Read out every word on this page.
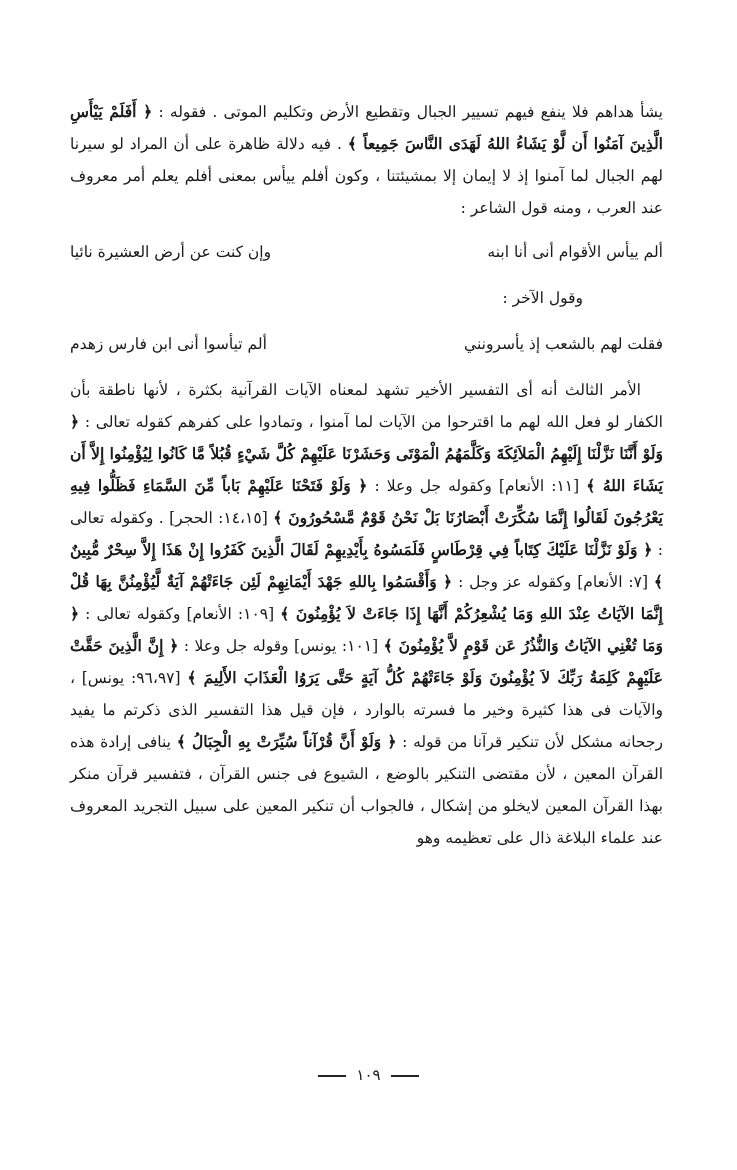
يشأ هداهم فلا ينفع فيهم تسيير الجبال وتقطيع الأرض وتكليم الموتى . فقوله : ﴿ أَفَلَمْ يَيْأَسِ الَّذِينَ آمَنُوا أَن لَّوْ يَشَاءُ اللهُ لَهَدَى النَّاسَ جَمِيعاً ﴾ . فيه دلالة ظاهرة على أن المراد لو سيرنا لهم الجبال لما آمنوا إذ لا إيمان إلا بمشيئتنا ، وكون أفلم ييأس بمعنى أفلم يعلم أمر معروف عند العرب ، ومنه قول الشاعر :

ألم ييأس الأقوام أنى أنا ابنه
وإن كنت عن أرض العشيرة نائيا
وقول الآخر :
فقلت لهم بالشعب إذ يأسرونني
ألم تيأسوا أنى ابن فارس زهدم

الأمر الثالث أنه أى التفسير الأخير تشهد لمعناه الآيات القرآنية بكثرة ، لأنها ناطقة بأن الكفار لو فعل الله لهم ما اقترحوا من الآيات لما آمنوا ، وتمادوا على كفرهم كقوله تعالى : ﴿ وَلَوْ أَنَّنَا نَزَّلْنَا إِلَيْهِمُ الْمَلاَئِكَةَ وَكَلَّمَهُمُ الْمَوْتَى وَحَشَرْنَا عَلَيْهِمْ كُلَّ شَيْءٍ قُبُلاً مَّا كَانُوا لِيُؤْمِنُوا إِلاَّ أَن يَشَاءَ اللهُ ﴾ [١١: الأنعام] وكقوله جل وعلا : ﴿ وَلَوْ فَتَحْنَا عَلَيْهِمْ بَاباً مِّنَ السَّمَاءِ فَظَلُّوا فِيهِ يَعْرُجُونَ لَقَالُوا إِنَّمَا سُكِّرَتْ أَبْصَارُنَا بَلْ نَحْنُ قَوْمٌ مَّسْحُورُونَ ﴾ [١٤،١٥: الحجر] . وكقوله تعالى : ﴿ وَلَوْ نَزَّلْنَا عَلَيْكَ كِتَاباً فِي قِرْطَاسٍ فَلَمَسُوهُ بِأَيْدِيهِمْ لَقَالَ الَّذِينَ كَفَرُوا إِنْ هَذَا إِلاَّ سِحْرٌ مُّبِينٌ ﴾ [٧: الأنعام] وكقوله عز وجل : ﴿ وَأَقْسَمُوا بِاللهِ جَهْدَ أَيْمَانِهِمْ لَئِن جَاءَتْهُمْ آيَةٌ لَّيُؤْمِنُنَّ بِهَا قُلْ إِنَّمَا الآيَاتُ عِنْدَ اللهِ وَمَا يُشْعِرُكُمْ أَنَّهَا إِذَا جَاءَتْ لاَ يُؤْمِنُونَ ﴾ [١٠٩: الأنعام] وكقوله تعالى : ﴿ وَمَا تُغْنِي الآيَاتُ وَالنُّذُرُ عَن قَوْمٍ لاَّ يُؤْمِنُونَ ﴾ [١٠١: يونس] وقوله جل وعلا : ﴿ إِنَّ الَّذِينَ حَقَّتْ عَلَيْهِمْ كَلِمَةُ رَبِّكَ لاَ يُؤْمِنُونَ وَلَوْ جَاءَتْهُمْ كُلُّ آيَةٍ حَتَّى يَرَوُا الْعَذَابَ الأَلِيمَ ﴾ [٩٦،٩٧: يونس] ، والآيات فى هذا كثيرة وخير ما فسرته بالوارد ، فإن قيل هذا التفسير الذى ذكرتم ما يفيد رجحانه مشكل لأن تنكير قرآنا من قوله : ﴿ وَلَوْ أَنَّ قُرْآناً سُيِّرَتْ بِهِ الْجِبَالُ ﴾ ينافى إرادة هذه القرآن المعين ، لأن مقتضى التنكير بالوضع ، الشيوع فى جنس القرآن ، فتفسير قرآن منكر بهذا القرآن المعين لايخلو من إشكال ، فالجواب أن تنكير المعين على سبيل التجريد المعروف عند علماء البلاغة ذال على تعظيمه وهو

١٠٩
